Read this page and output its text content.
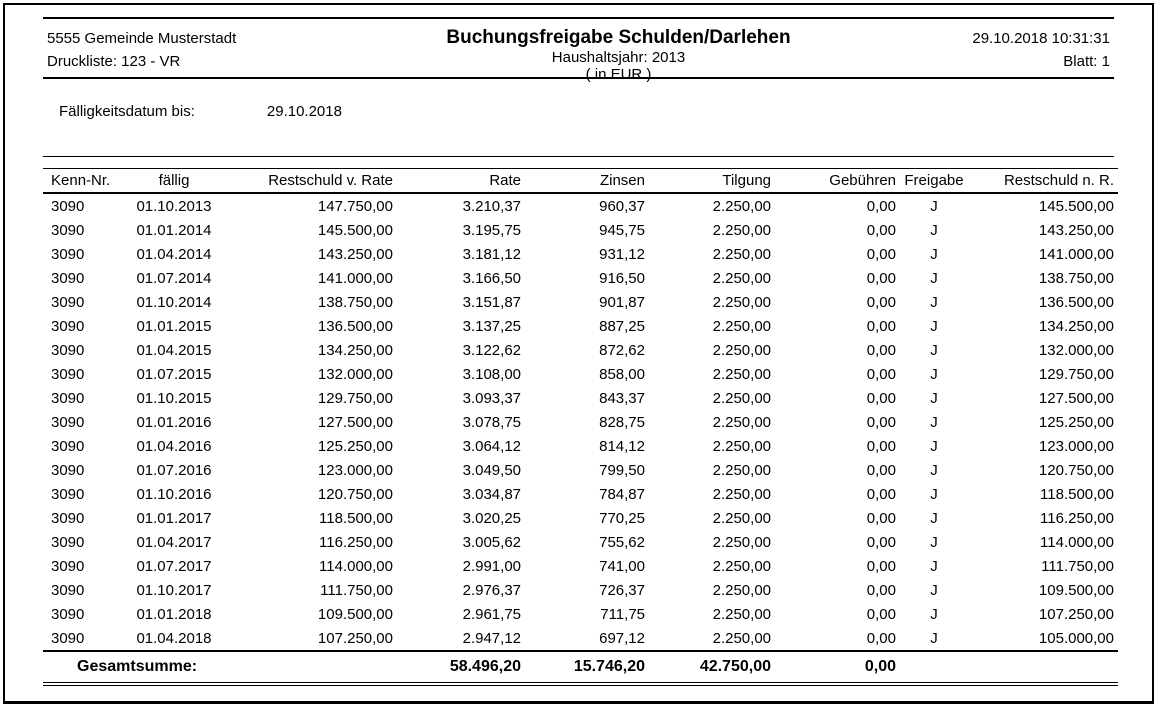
5555 Gemeinde Musterstadt
Druckliste: 123 - VR
Buchungsfreigabe Schulden/Darlehen
Haushaltsjahr: 2013
( in EUR )
29.10.2018 10:31:31
Blatt: 1
Fälligkeitsdatum bis:	29.10.2018
Kenn-Nr.	fällig	Restschuld v. Rate	Rate	Zinsen	Tilgung	Gebühren	Freigabe	Restschuld n. R.
3090	01.10.2013	147.750,00	3.210,37	960,37	2.250,00	0,00	J	145.500,00
3090	01.01.2014	145.500,00	3.195,75	945,75	2.250,00	0,00	J	143.250,00
3090	01.04.2014	143.250,00	3.181,12	931,12	2.250,00	0,00	J	141.000,00
3090	01.07.2014	141.000,00	3.166,50	916,50	2.250,00	0,00	J	138.750,00
3090	01.10.2014	138.750,00	3.151,87	901,87	2.250,00	0,00	J	136.500,00
3090	01.01.2015	136.500,00	3.137,25	887,25	2.250,00	0,00	J	134.250,00
3090	01.04.2015	134.250,00	3.122,62	872,62	2.250,00	0,00	J	132.000,00
3090	01.07.2015	132.000,00	3.108,00	858,00	2.250,00	0,00	J	129.750,00
3090	01.10.2015	129.750,00	3.093,37	843,37	2.250,00	0,00	J	127.500,00
3090	01.01.2016	127.500,00	3.078,75	828,75	2.250,00	0,00	J	125.250,00
3090	01.04.2016	125.250,00	3.064,12	814,12	2.250,00	0,00	J	123.000,00
3090	01.07.2016	123.000,00	3.049,50	799,50	2.250,00	0,00	J	120.750,00
3090	01.10.2016	120.750,00	3.034,87	784,87	2.250,00	0,00	J	118.500,00
3090	01.01.2017	118.500,00	3.020,25	770,25	2.250,00	0,00	J	116.250,00
3090	01.04.2017	116.250,00	3.005,62	755,62	2.250,00	0,00	J	114.000,00
3090	01.07.2017	114.000,00	2.991,00	741,00	2.250,00	0,00	J	111.750,00
3090	01.10.2017	111.750,00	2.976,37	726,37	2.250,00	0,00	J	109.500,00
3090	01.01.2018	109.500,00	2.961,75	711,75	2.250,00	0,00	J	107.250,00
3090	01.04.2018	107.250,00	2.947,12	697,12	2.250,00	0,00	J	105.000,00
Gesamtsumme:			58.496,20	15.746,20	42.750,00	0,00		
